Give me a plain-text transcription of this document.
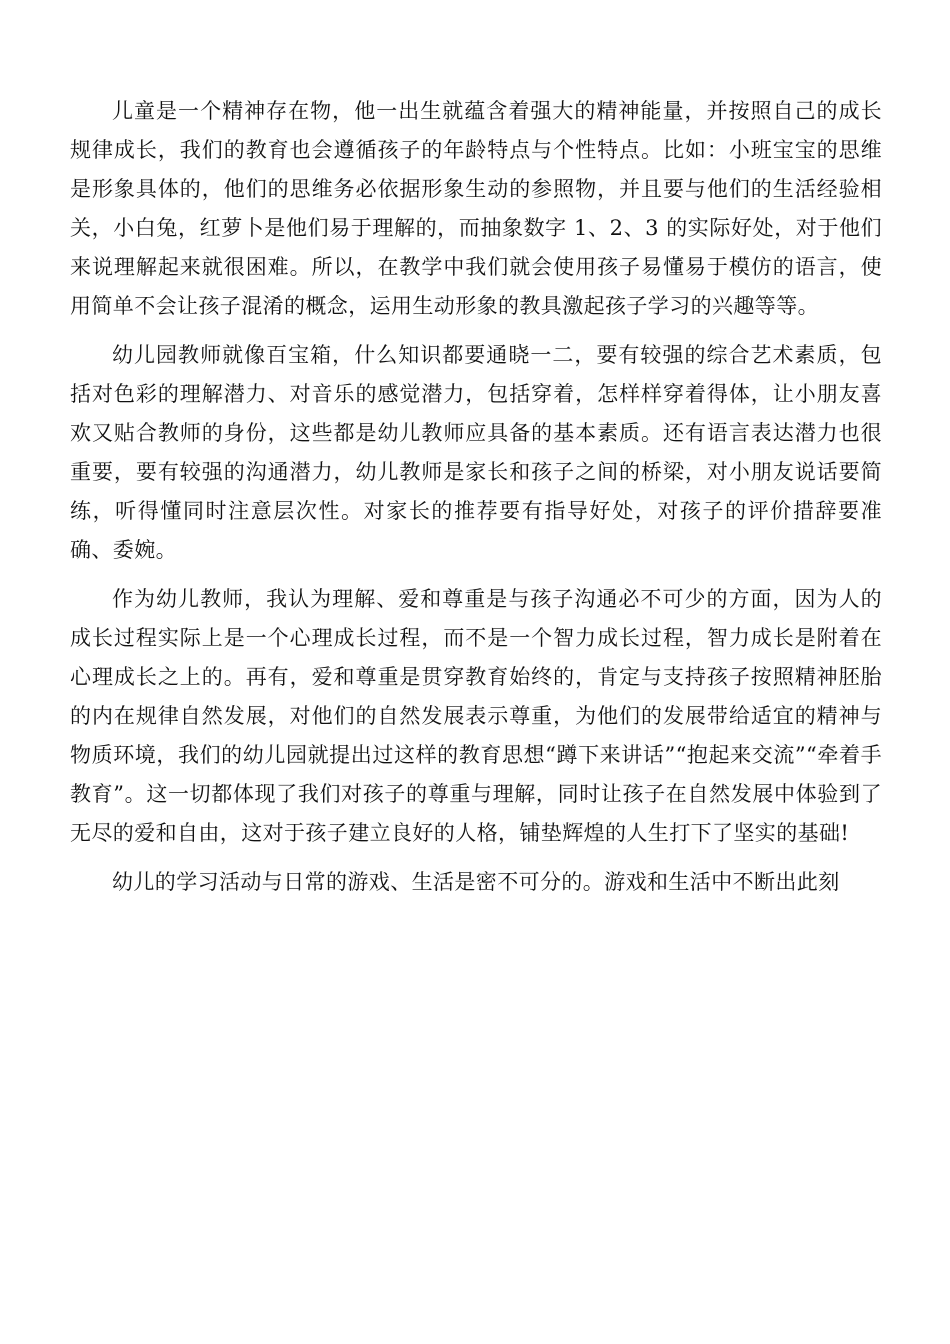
儿童是一个精神存在物，他一出生就蕴含着强大的精神能量，并按照自己的成长规律成长，我们的教育也会遵循孩子的年龄特点与个性特点。比如：小班宝宝的思维是形象具体的，他们的思维务必依据形象生动的参照物，并且要与他们的生活经验相关，小白兔，红萝卜是他们易于理解的，而抽象数字 1、2、3 的实际好处，对于他们来说理解起来就很困难。所以，在教学中我们就会使用孩子易懂易于模仿的语言，使用简单不会让孩子混淆的概念，运用生动形象的教具激起孩子学习的兴趣等等。

幼儿园教师就像百宝箱，什么知识都要通晓一二，要有较强的综合艺术素质，包括对色彩的理解潜力、对音乐的感觉潜力，包括穿着，怎样样穿着得体，让小朋友喜欢又贴合教师的身份，这些都是幼儿教师应具备的基本素质。还有语言表达潜力也很重要，要有较强的沟通潜力，幼儿教师是家长和孩子之间的桥梁，对小朋友说话要简练，听得懂同时注意层次性。对家长的推荐要有指导好处，对孩子的评价措辞要准确、委婉。

作为幼儿教师，我认为理解、爱和尊重是与孩子沟通必不可少的方面，因为人的成长过程实际上是一个心理成长过程，而不是一个智力成长过程，智力成长是附着在心理成长之上的。再有，爱和尊重是贯穿教育始终的，肯定与支持孩子按照精神胚胎的内在规律自然发展，对他们的自然发展表示尊重，为他们的发展带给适宜的精神与物质环境，我们的幼儿园就提出过这样的教育思想“蹲下来讲话”“抱起来交流”“牵着手教育”。这一切都体现了我们对孩子的尊重与理解，同时让孩子在自然发展中体验到了无尽的爱和自由，这对于孩子建立良好的人格，铺垫辉煌的人生打下了坚实的基础!

幼儿的学习活动与日常的游戏、生活是密不可分的。游戏和生活中不断出此刻
